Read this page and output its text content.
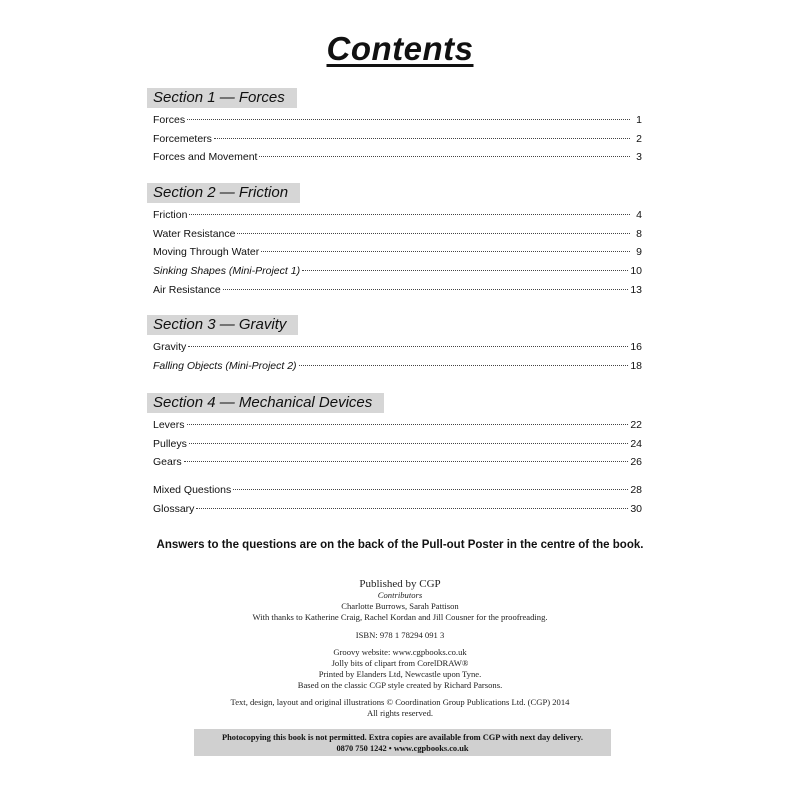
Contents
Section 1 — Forces
Forces	1
Forcemeters	2
Forces and Movement	3
Section 2 — Friction
Friction	4
Water Resistance	8
Moving Through Water	9
Sinking Shapes (Mini-Project 1)	10
Air Resistance	13
Section 3 — Gravity
Gravity	16
Falling Objects (Mini-Project 2)	18
Section 4 — Mechanical Devices
Levers	22
Pulleys	24
Gears	26
Mixed Questions	28
Glossary	30
Answers to the questions are on the back of the Pull-out Poster in the centre of the book.
Published by CGP
Contributors
Charlotte Burrows, Sarah Pattison
With thanks to Katherine Craig, Rachel Kordan and Jill Cousner for the proofreading.
ISBN: 978 1 78294 091 3
Groovy website: www.cgpbooks.co.uk
Jolly bits of clipart from CorelDRAW®
Printed by Elanders Ltd, Newcastle upon Tyne.
Based on the classic CGP style created by Richard Parsons.
Text, design, layout and original illustrations © Coordination Group Publications Ltd. (CGP) 2014
All rights reserved.
Photocopying this book is not permitted. Extra copies are available from CGP with next day delivery.
0870 750 1242 • www.cgpbooks.co.uk
